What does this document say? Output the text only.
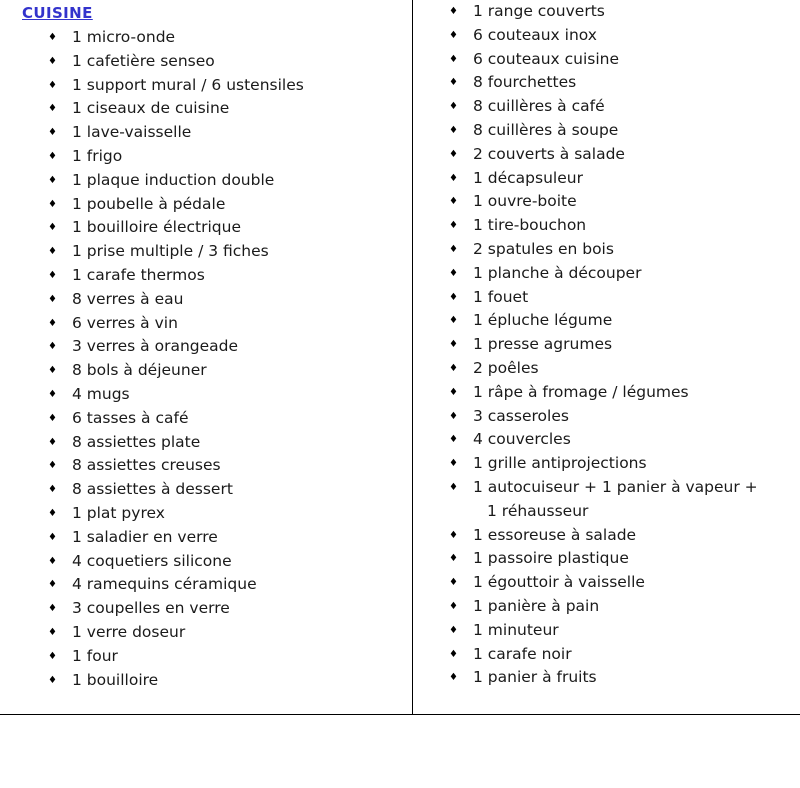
CUISINE
♦ 1 micro-onde
♦ 1 cafetière senseo
♦ 1 support mural / 6 ustensiles
♦ 1 ciseaux de cuisine
♦ 1 lave-vaisselle
♦ 1 frigo
♦ 1 plaque induction double
♦ 1 poubelle à pédale
♦ 1 bouilloire électrique
♦ 1 prise multiple / 3 fiches
♦ 1 carafe thermos
♦ 8 verres à eau
♦ 6 verres à vin
♦ 3 verres à orangeade
♦ 8 bols à déjeuner
♦ 4 mugs
♦ 6 tasses à café
♦ 8 assiettes plate
♦ 8 assiettes creuses
♦ 8 assiettes à dessert
♦ 1 plat pyrex
♦ 1 saladier en verre
♦ 4 coquetiers silicone
♦ 4 ramequins céramique
♦ 3 coupelles en verre
♦ 1 verre doseur
♦ 1 four
♦ 1 bouilloire
♦ 1 range couverts
♦ 6 couteaux inox
♦ 6 couteaux cuisine
♦ 8 fourchettes
♦ 8 cuillères à café
♦ 8 cuillères à soupe
♦ 2 couverts à salade
♦ 1 décapsuleur
♦ 1 ouvre-boite
♦ 1 tire-bouchon
♦ 2 spatules en bois
♦ 1 planche à découper
♦ 1 fouet
♦ 1 épluche légume
♦ 1 presse agrumes
♦ 2 poêles
♦ 1 râpe à fromage / légumes
♦ 3 casseroles
♦ 4 couvercles
♦ 1 grille antiprojections
♦ 1 autocuiseur + 1 panier à vapeur +
1 réhausseur
♦ 1 essoreuse à salade
♦ 1 passoire plastique
♦ 1 égouttoir à vaisselle
♦ 1 panière à pain
♦ 1 minuteur
♦ 1 carafe noir
♦ 1 panier à fruits
